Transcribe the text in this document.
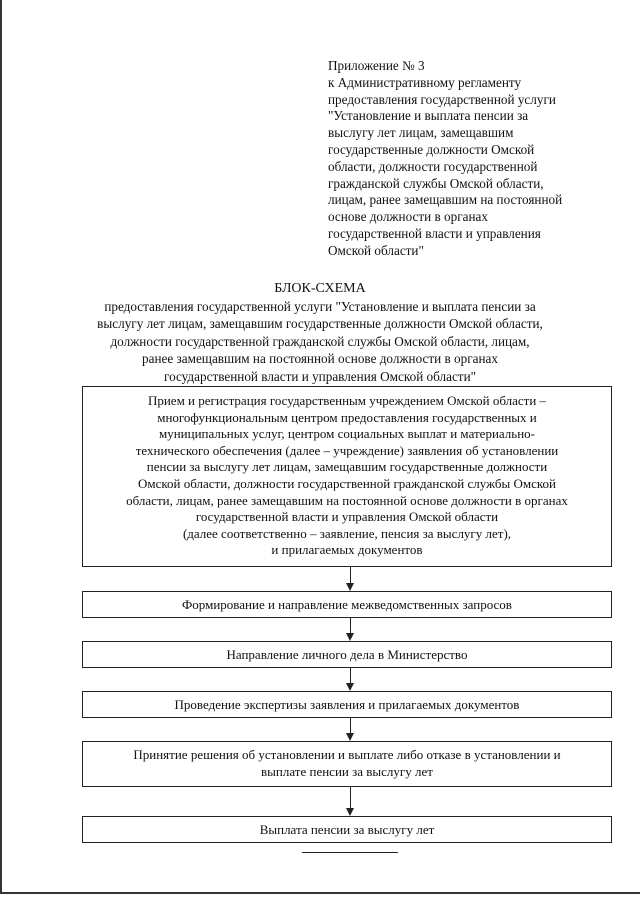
Приложение № 3
к Административному регламенту
предоставления государственной услуги
"Установление и выплата пенсии за
выслугу лет лицам, замещавшим
государственные должности Омской
области, должности государственной
гражданской службы Омской области,
лицам, ранее замещавшим на постоянной
основе должности в органах
государственной власти и управления
Омской области"
БЛОК-СХЕМА
предоставления государственной услуги "Установление и выплата пенсии за
выслугу лет лицам, замещавшим государственные должности Омской области,
должности государственной гражданской службы Омской области, лицам,
ранее замещавшим на постоянной основе должности в органах
государственной власти и управления Омской области"
Прием и регистрация государственным учреждением Омской области –
многофункциональным центром предоставления государственных и
муниципальных услуг, центром социальных выплат и материально-
технического обеспечения (далее – учреждение) заявления об установлении
пенсии за выслугу лет лицам, замещавшим государственные должности
Омской области, должности государственной гражданской службы Омской
области, лицам, ранее замещавшим на постоянной основе должности в органах
государственной власти и управления Омской области
(далее соответственно – заявление, пенсия за выслугу лет),
и прилагаемых документов
Формирование и направление межведомственных запросов
Направление личного дела в Министерство
Проведение экспертизы заявления и прилагаемых документов
Принятие решения об установлении и выплате либо отказе в установлении и
выплате пенсии за выслугу лет
Выплата пенсии за выслугу лет
